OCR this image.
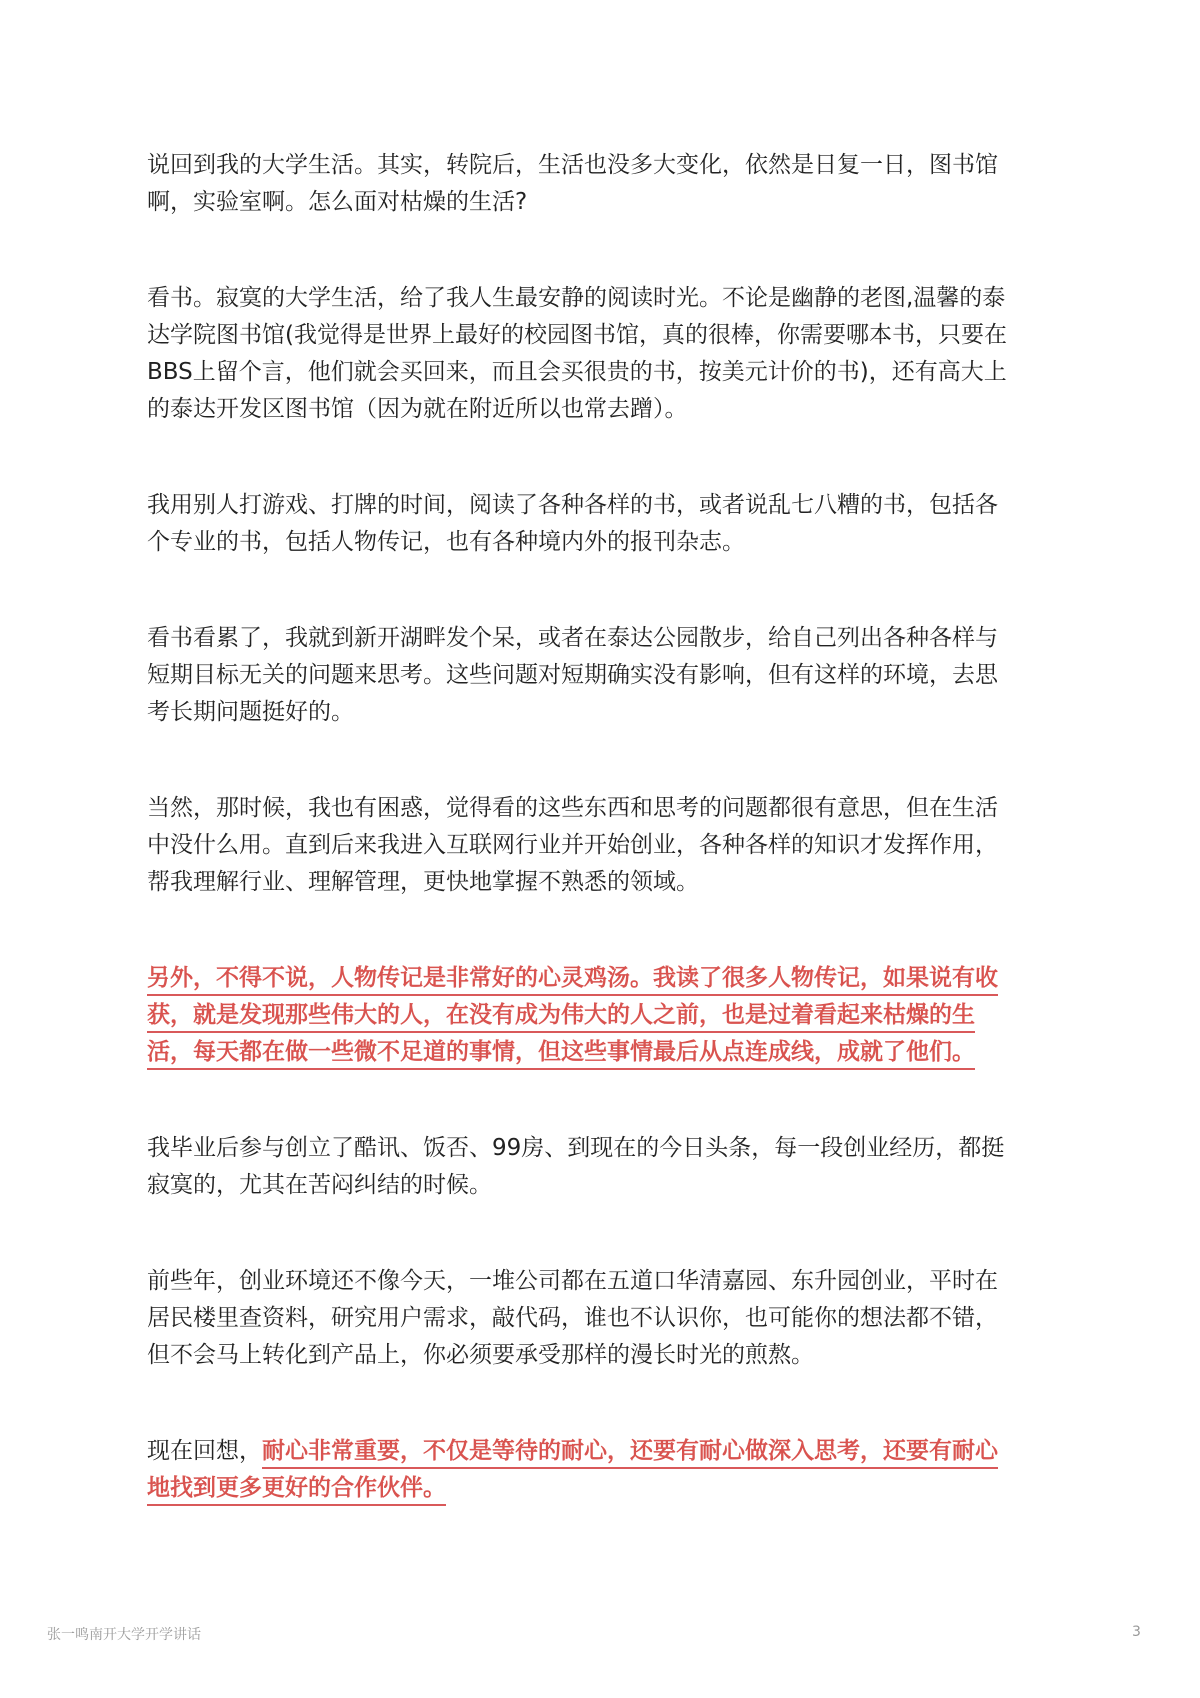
说回到我的大学生活。其实，转院后，生活也没多大变化，依然是日复一日，图书馆
啊，实验室啊。怎么面对枯燥的生活?

看书。寂寞的大学生活，给了我人生最安静的阅读时光。不论是幽静的老图,温馨的泰
达学院图书馆(我觉得是世界上最好的校园图书馆，真的很棒，你需要哪本书，只要在
BBS上留个言，他们就会买回来，而且会买很贵的书，按美元计价的书)，还有高大上
的泰达开发区图书馆（因为就在附近所以也常去蹭）。

我用别人打游戏、打牌的时间，阅读了各种各样的书，或者说乱七八糟的书，包括各
个专业的书，包括人物传记，也有各种境内外的报刊杂志。

看书看累了，我就到新开湖畔发个呆，或者在泰达公园散步，给自己列出各种各样与
短期目标无关的问题来思考。这些问题对短期确实没有影响，但有这样的环境，去思
考长期问题挺好的。

当然，那时候，我也有困惑，觉得看的这些东西和思考的问题都很有意思，但在生活
中没什么用。直到后来我进入互联网行业并开始创业，各种各样的知识才发挥作用，
帮我理解行业、理解管理，更快地掌握不熟悉的领域。

另外，不得不说，人物传记是非常好的心灵鸡汤。我读了很多人物传记，如果说有收
获，就是发现那些伟大的人，在没有成为伟大的人之前，也是过着看起来枯燥的生
活，每天都在做一些微不足道的事情，但这些事情最后从点连成线，成就了他们。

我毕业后参与创立了酷讯、饭否、99房、到现在的今日头条，每一段创业经历，都挺
寂寞的，尤其在苦闷纠结的时候。

前些年，创业环境还不像今天，一堆公司都在五道口华清嘉园、东升园创业，平时在
居民楼里查资料，研究用户需求，敲代码，谁也不认识你，也可能你的想法都不错，
但不会马上转化到产品上，你必须要承受那样的漫长时光的煎熬。

现在回想，耐心非常重要，不仅是等待的耐心，还要有耐心做深入思考，还要有耐心
地找到更多更好的合作伙伴。

张一鸣南开大学开学讲话	3
